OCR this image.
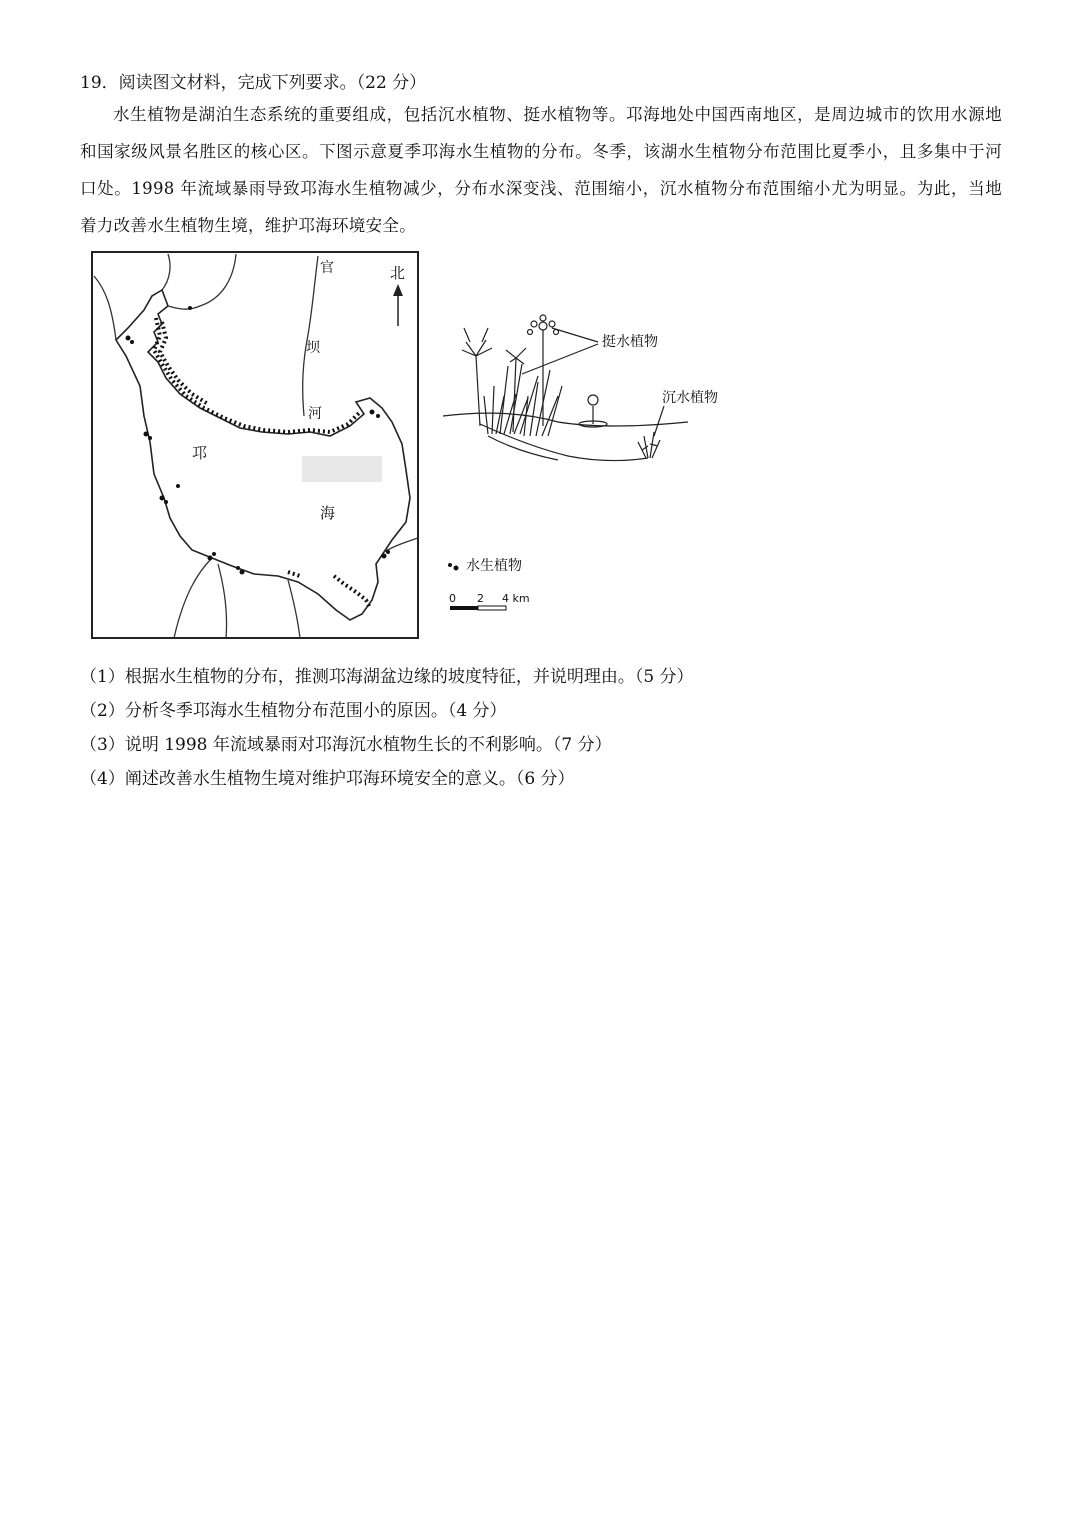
19．阅读图文材料，完成下列要求。（22 分）
水生植物是湖泊生态系统的重要组成，包括沉水植物、挺水植物等。邛海地处中国西南地区，是周边城市的饮用水源地和国家级风景名胜区的核心区。下图示意夏季邛海水生植物的分布。冬季，该湖水生植物分布范围比夏季小，且多集中于河口处。1998 年流域暴雨导致邛海水生植物减少，分布水深变浅、范围缩小，沉水植物分布范围缩小尤为明显。为此，当地着力改善水生植物生境，维护邛海环境安全。
官
坝
河
邛
海
北
挺水植物
沉水植物
水生植物
0 2 4 km
（1）根据水生植物的分布，推测邛海湖盆边缘的坡度特征，并说明理由。（5 分）
（2）分析冬季邛海水生植物分布范围小的原因。（4 分）
（3）说明 1998 年流域暴雨对邛海沉水植物生长的不利影响。（7 分）
（4）阐述改善水生植物生境对维护邛海环境安全的意义。（6 分）
